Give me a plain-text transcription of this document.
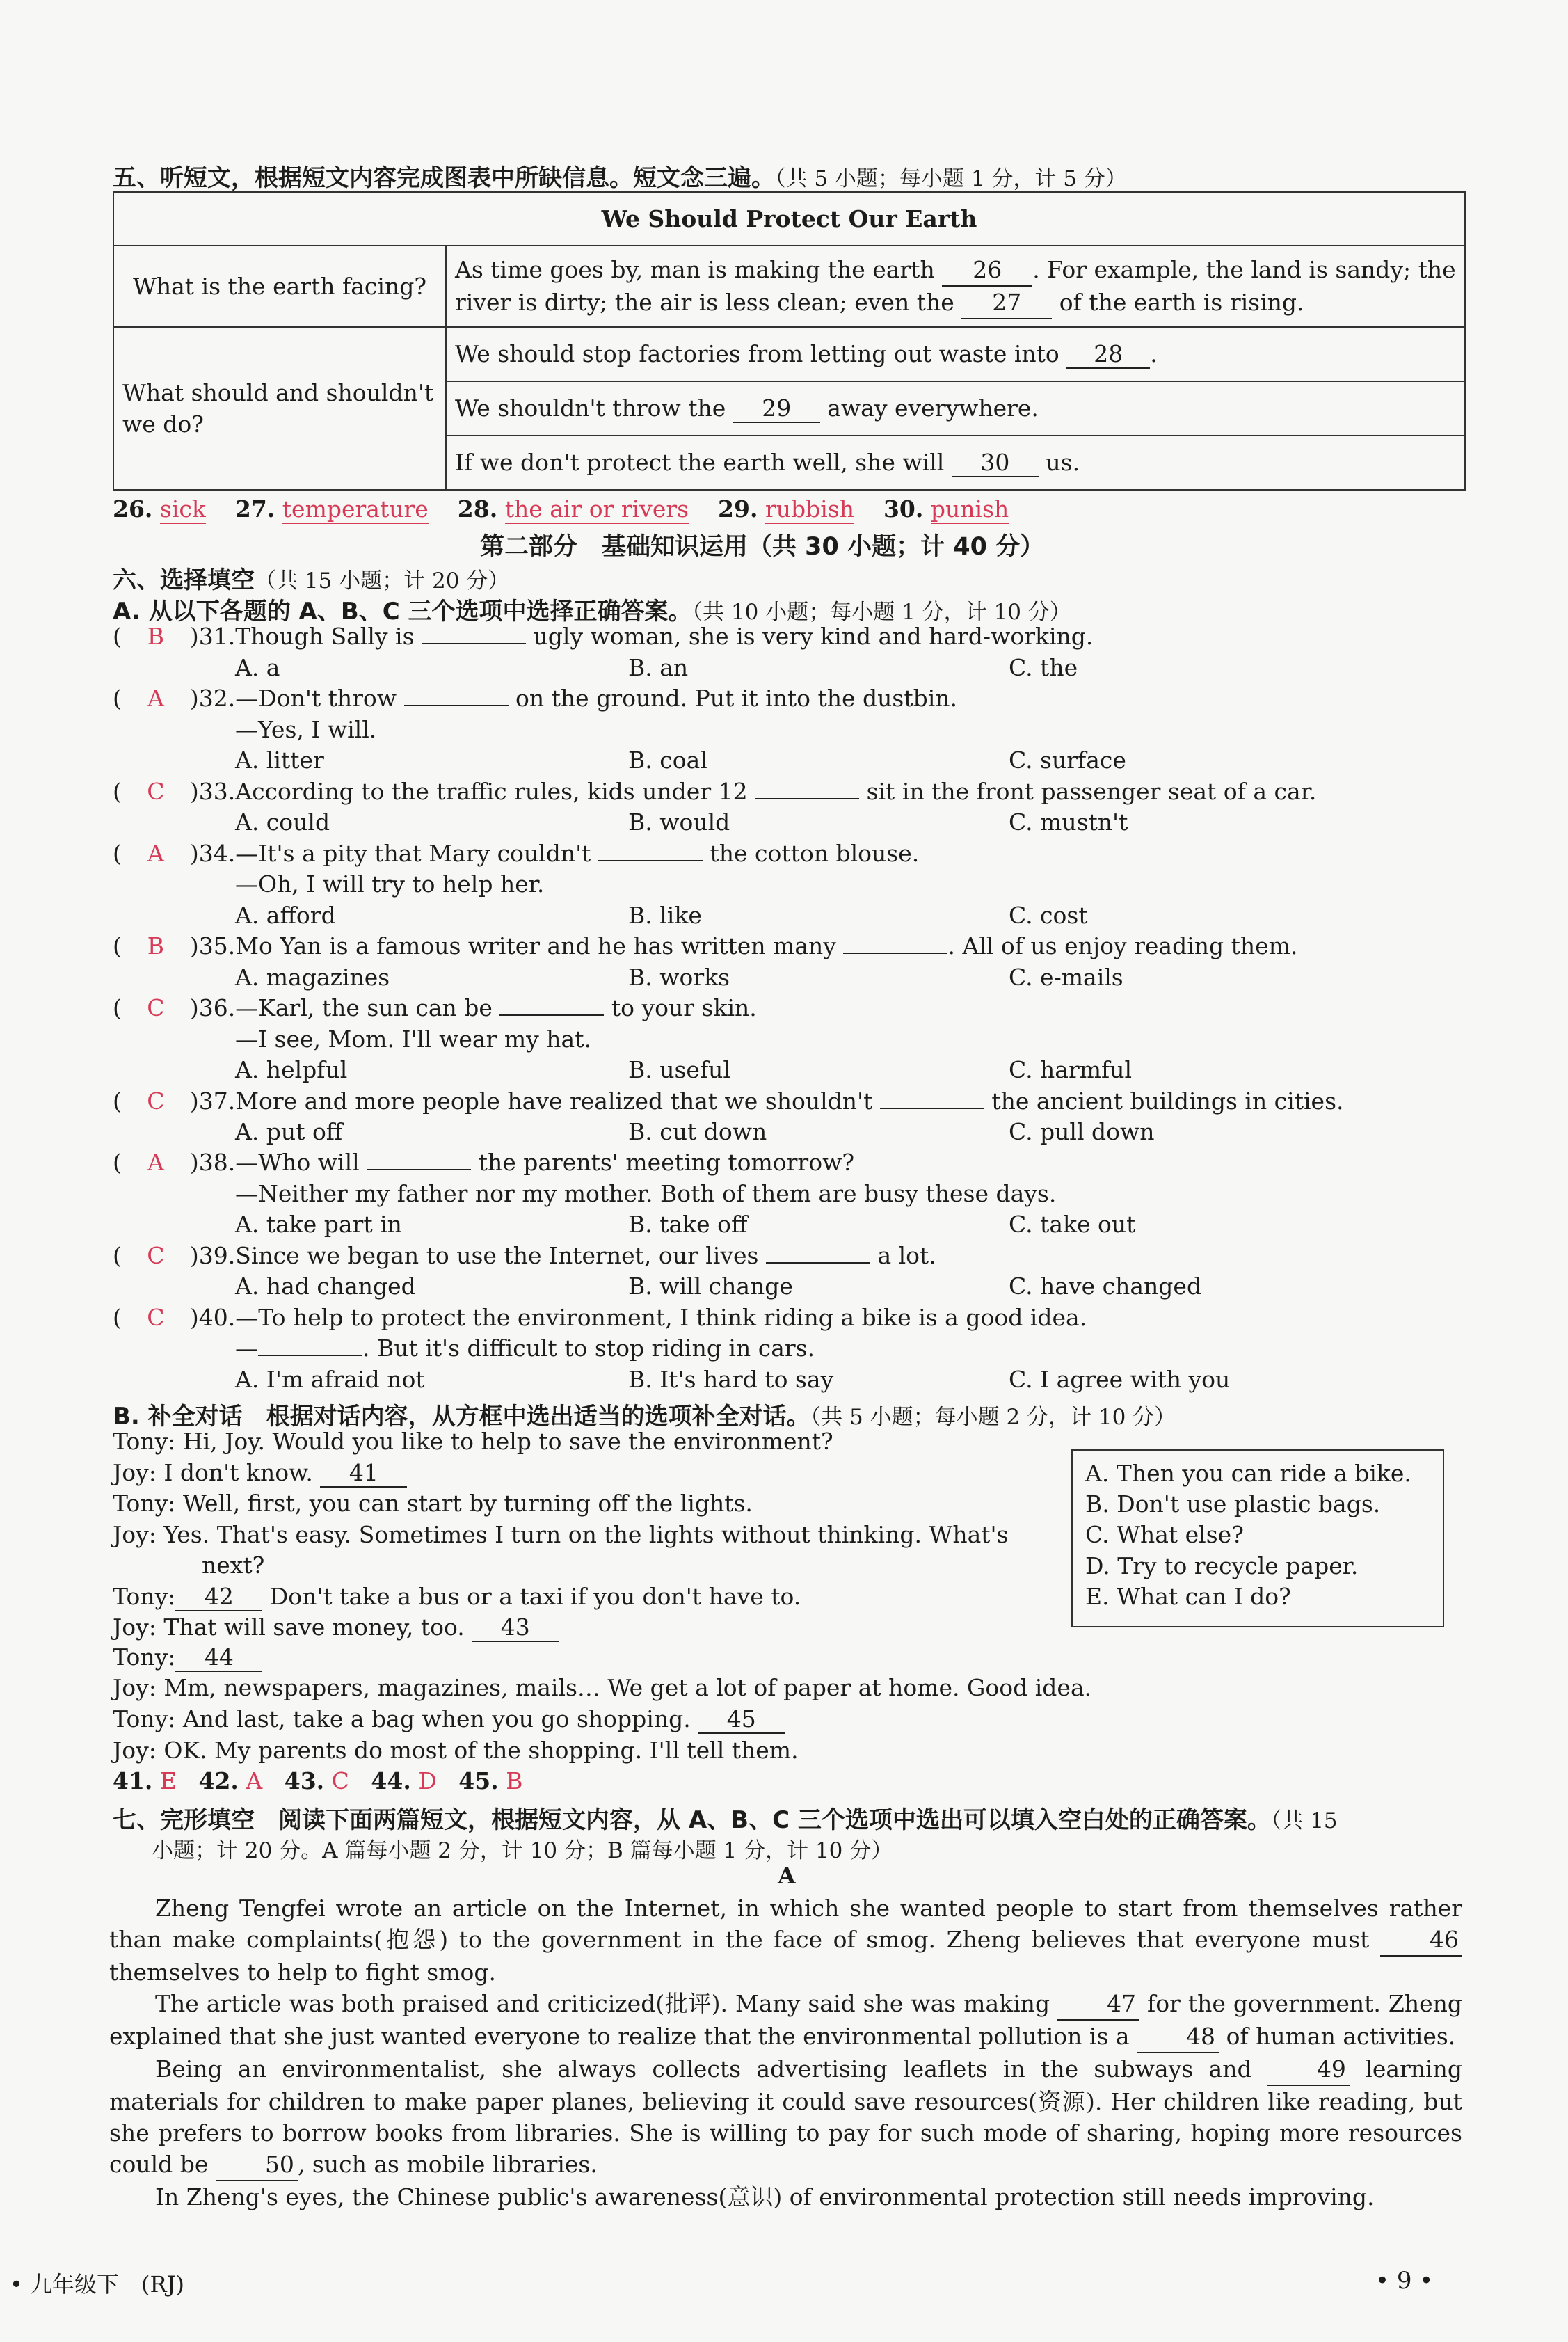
五、听短文，根据短文内容完成图表中所缺信息。短文念三遍。（共 5 小题；每小题 1 分，计 5 分）
We Should Protect Our Earth	
What is the earth facing?	As time goes by, man is making the earth 26 . For example, the land is sandy; the
river is dirty; the air is less clean; even the 27 of the earth is rising.
What should and shouldn't
we do?	We should stop factories from letting out waste into 28 .
	We shouldn't throw the 29 away everywhere.
	If we don't protect the earth well, she will 30 us.
26. sick 27. temperature 28. the air or rivers 29. rubbish 30. punish
第二部分　基础知识运用（共 30 小题；计 40 分）
六、选择填空（共 15 小题；计 20 分）
A. 从以下各题的 A、B、C 三个选项中选择正确答案。（共 10 小题；每小题 1 分，计 10 分）
( B )31.Though Sally is	ugly woman, she is very kind and hard-working.
A. a	B. an	C. the
( A )32.—Don't throw	on the ground. Put it into the dustbin.
—Yes, I will.
A. litter	B. coal	C. surface
( C )33.According to the traffic rules, kids under 12	sit in the front passenger seat of a car.
A. could	B. would	C. mustn't
( A )34.—It's a pity that Mary couldn't	the cotton blouse.
—Oh, I will try to help her.
A. afford	B. like	C. cost
( B )35.Mo Yan is a famous writer and he has written many	. All of us enjoy reading them.
A. magazines	B. works	C. e-mails
( C )36.—Karl, the sun can be	to your skin.
—I see, Mom. I'll wear my hat.
A. helpful	B. useful	C. harmful
( C )37.More and more people have realized that we shouldn't	the ancient buildings in cities.
A. put off	B. cut down	C. pull down
( A )38.—Who will	the parents' meeting tomorrow?
—Neither my father nor my mother. Both of them are busy these days.
A. take part in	B. take off	C. take out
( C )39.Since we began to use the Internet, our lives	a lot.
A. had changed	B. will change	C. have changed
( C )40.—To help to protect the environment, I think riding a bike is a good idea.
—	. But it's difficult to stop riding in cars.
A. I'm afraid not	B. It's hard to say	C. I agree with you
B. 补全对话　根据对话内容，从方框中选出适当的选项补全对话。（共 5 小题；每小题 2 分，计 10 分）
Tony: Hi, Joy. Would you like to help to save the environment?
Joy: I don't know. 41
Tony: Well, first, you can start by turning off the lights.
Joy: Yes. That's easy. Sometimes I turn on the lights without thinking. What's
next?
Tony: 42 Don't take a bus or a taxi if you don't have to.
Joy: That will save money, too. 43
Tony: 44
Joy: Mm, newspapers, magazines, mails… We get a lot of paper at home. Good idea.
Tony: And last, take a bag when you go shopping. 45
Joy: OK. My parents do most of the shopping. I'll tell them.
A. Then you can ride a bike.
B. Don't use plastic bags.
C. What else?
D. Try to recycle paper.
E. What can I do?
41. E 42. A 43. C 44. D 45. B
七、完形填空　阅读下面两篇短文，根据短文内容，从 A、B、C 三个选项中选出可以填入空白处的正确答案。（共 15
小题；计 20 分。A 篇每小题 2 分，计 10 分；B 篇每小题 1 分，计 10 分）
A

Zheng Tengfei wrote an article on the Internet, in which she wanted people to start from themselves rather than make complaints(抱怨) to the government in the face of smog. Zheng believes that everyone must	46 themselves to help to fight smog.

The article was both praised and criticized(批评). Many said she was making 47 for the government. Zheng explained that she just wanted everyone to realize that the environmental pollution is a 48 of human activities.

Being an environmentalist, she always collects advertising leaflets in the subways and	49 learning materials for children to make paper planes, believing it could save resources(资源). Her children like reading, but she prefers to borrow books from libraries. She is willing to pay for such mode of sharing, hoping more resources could be 50 , such as mobile libraries.

In Zheng's eyes, the Chinese public's awareness(意识) of environmental protection still needs improving.

• 九年级下　(RJ)	• 9 •
